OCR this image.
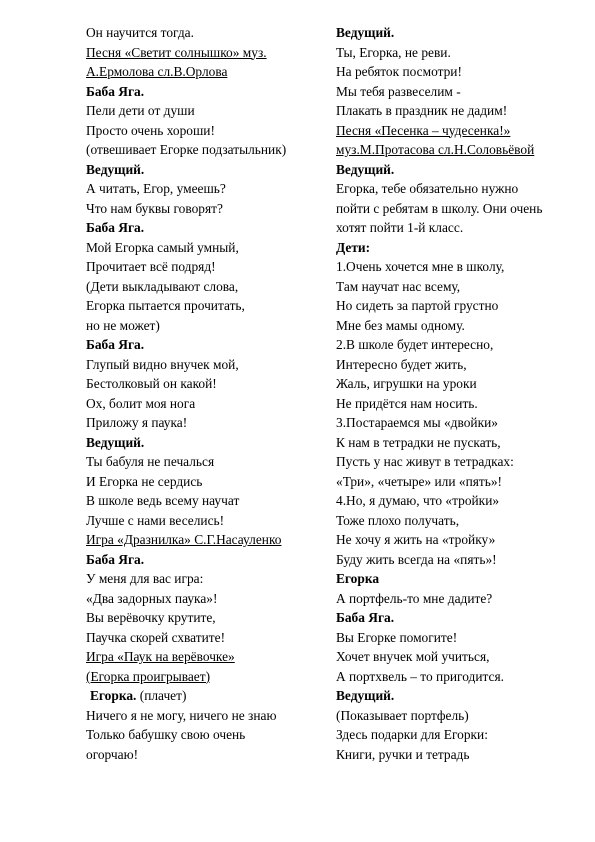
Он научится тогда.
Песня «Светит солнышко» муз.
А.Ермолова сл.В.Орлова
Баба Яга.
Пели дети от души
Просто очень хороши!
(отвешивает Егорке подзатыльник)
Ведущий.
А читать, Егор, умеешь?
Что нам буквы говорят?
Баба Яга.
Мой Егорка самый умный,
Прочитает всё подряд!
(Дети выкладывают слова,
Егорка пытается прочитать,
но не может)
Баба Яга.
Глупый видно внучек мой,
Бестолковый он какой!
Ох, болит моя нога
Приложу я паука!
Ведущий.
Ты бабуля не печалься
И Егорка не сердись
В школе ведь всему научат
Лучше с нами веселись!
Игра «Дразнилка» С.Г.Насауленко
Баба Яга.
У меня для вас игра:
«Два задорных паука»!
Вы верёвочку крутите,
Паучка скорей схватите!
Игра «Паук на верёвочке»
(Егорка проигрывает)
Егорка. (плачет)
Ничего я не могу, ничего не знаю
Только бабушку свою очень
огорчаю!
Ведущий.
Ты, Егорка, не реви.
На ребяток посмотри!
Мы тебя развеселим -
Плакать в праздник не дадим!
Песня «Песенка – чудесенка!»
муз.М.Протасова сл.Н.Соловьёвой
Ведущий.
Егорка, тебе обязательно нужно
пойти с ребятам в школу. Они очень
хотят пойти 1-й класс.
Дети:
1.Очень хочется мне в школу,
Там научат нас всему,
Но сидеть за партой грустно
Мне без мамы одному.
2.В школе будет интересно,
Интересно будет жить,
Жаль, игрушки на уроки
Не придётся нам носить.
3.Постараемся мы «двойки»
К нам в тетрадки не пускать,
Пусть у нас живут в тетрадках:
«Три», «четыре» или «пять»!
4.Но, я думаю, что «тройки»
Тоже плохо получать,
Не хочу я жить на «тройку»
Буду жить всегда на «пять»!
Егорка
А портфель-то мне дадите?
Баба Яга.
Вы Егорке помогите!
Хочет внучек мой учиться,
А портхвель – то пригодится.
Ведущий.
(Показывает портфель)
Здесь подарки для Егорки:
Книги, ручки и тетрадь
